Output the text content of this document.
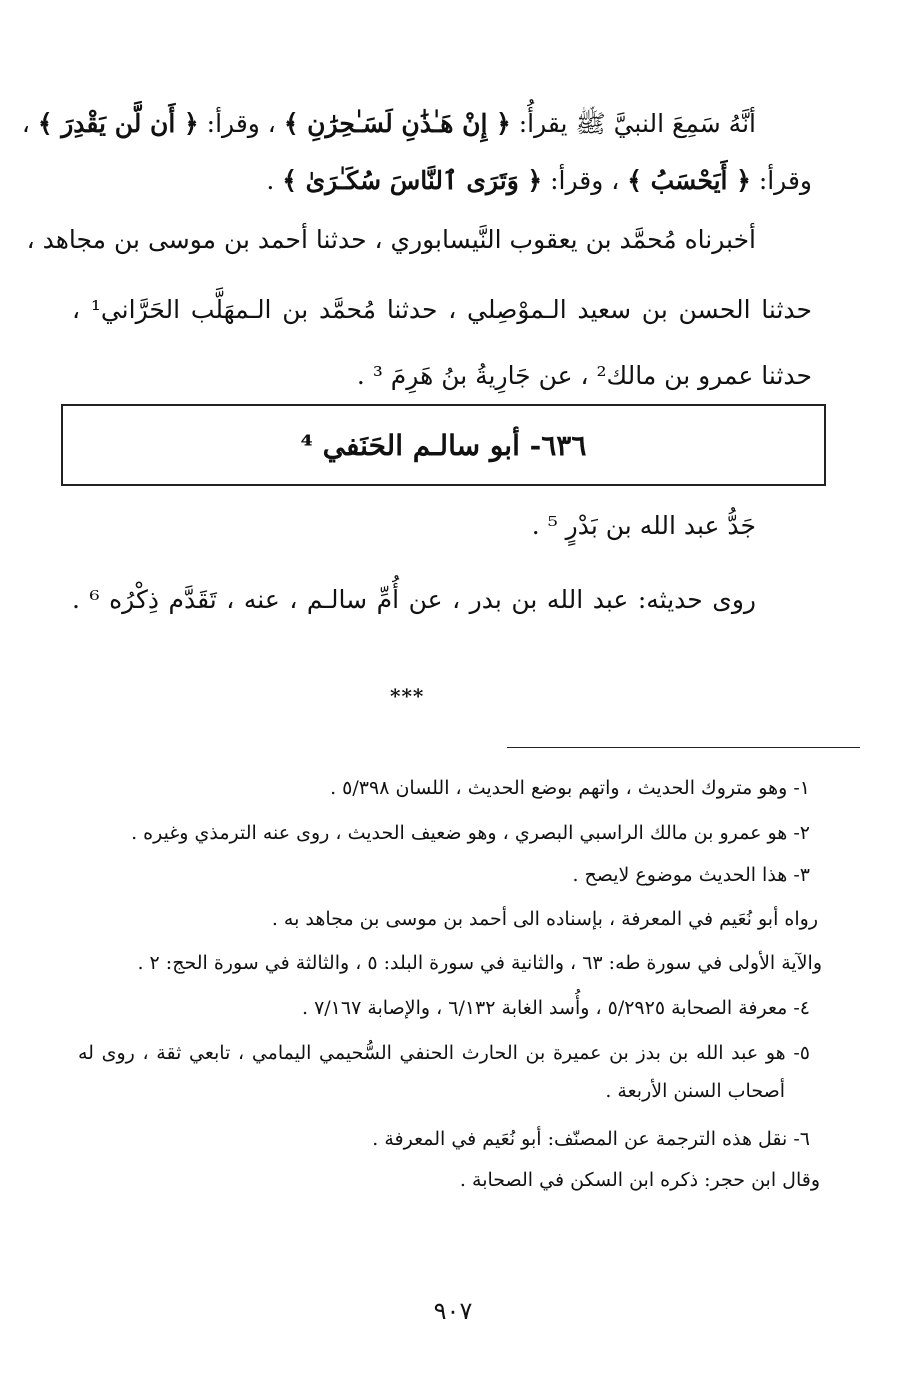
أنَّهُ سَمِعَ النبيَّ ﷺ يقرأُ: ﴿ إِنْ هَـٰذَٰنِ لَسَـٰحِرَٰنِ ﴾ ، وقرأ: ﴿ أَن لَّن يَقْدِرَ ﴾ ،
وقرأ: ﴿ أَيَحْسَبُ ﴾ ، وقرأ: ﴿ وَتَرَى ٱلنَّاسَ سُكَـٰرَىٰ ﴾ .
أخبرناه مُحمَّد بن يعقوب النَّيسابوري ، حدثنا أحمد بن موسى بن مجاهد ،
حدثنا الحسن بن سعيد الـموْصِلي ، حدثنا مُحمَّد بن الـمهَلَّب الحَرَّاني¹ ،
حدثنا عمرو بن مالك² ، عن جَارِيةُ بنُ هَرِمَ ³ .
٦٣٦- أبو سالـم الحَنَفي ⁴
جَدُّ عبد الله بن بَدْرٍ ⁵ .
روى حديثه: عبد الله بن بدر ، عن أُمِّ سالـم ، عنه ، تَقَدَّم ذِكْرُه ⁶ .
***
١- وهو متروك الحديث ، واتهم بوضع الحديث ، اللسان ٥/٣٩٨ .
٢- هو عمرو بن مالك الراسبي البصري ، وهو ضعيف الحديث ، روى عنه الترمذي وغيره .
٣- هذا الحديث موضوع لايصح .
رواه أبو نُعَيم في المعرفة ، بإسناده الى أحمد بن موسى بن مجاهد به .
والآية الأولى في سورة طه: ٦٣ ، والثانية في سورة البلد: ٥ ، والثالثة في سورة الحج: ٢ .
٤- معرفة الصحابة ٥/٢٩٢٥ ، وأُسد الغابة ٦/١٣٢ ، والإصابة ٧/١٦٧ .
٥- هو عبد الله بن بدز بن عميرة بن الحارث الحنفي السُّحيمي اليمامي ، تابعي ثقة ، روى له
أصحاب السنن الأربعة .
٦- نقل هذه الترجمة عن المصنّف: أبو نُعَيم في المعرفة .
وقال ابن حجر: ذكره ابن السكن في الصحابة .
٩٠٧
